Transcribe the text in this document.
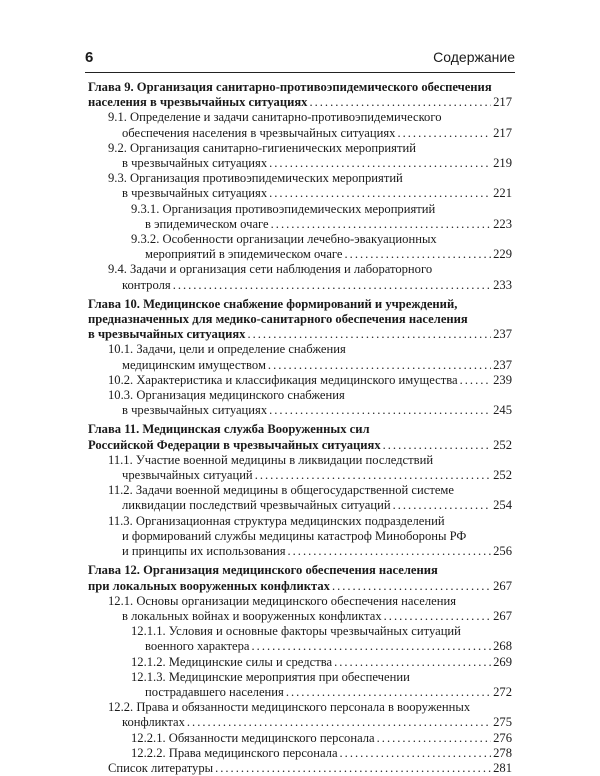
6	Содержание
Глава 9. Организация санитарно-противоэпидемического обеспечения
населения в чрезвычайных ситуациях .....	217
9.1. Определение и задачи санитарно-противоэпидемического
обеспечения населения в чрезвычайных ситуациях .....	217
9.2. Организация санитарно-гигиенических мероприятий
в чрезвычайных ситуациях .....	219
9.3. Организация противоэпидемических мероприятий
в чрезвычайных ситуациях .....	221
9.3.1. Организация противоэпидемических мероприятий
в эпидемическом очаге .....	223
9.3.2. Особенности организации лечебно-эвакуационных
мероприятий в эпидемическом очаге .....	229
9.4. Задачи и организация сети наблюдения и лабораторного
контроля .....	233
Глава 10. Медицинское снабжение формирований и учреждений,
предназначенных для медико-санитарного обеспечения населения
в чрезвычайных ситуациях .....	237
10.1. Задачи, цели и определение снабжения
медицинским имуществом .....	237
10.2. Характеристика и классификация медицинского имущества .....	239
10.3. Организация медицинского снабжения
в чрезвычайных ситуациях .....	245
Глава 11. Медицинская служба Вооруженных сил
Российской Федерации в чрезвычайных ситуациях .....	252
11.1. Участие военной медицины в ликвидации последствий
чрезвычайных ситуаций .....	252
11.2. Задачи военной медицины в общегосударственной системе
ликвидации последствий чрезвычайных ситуаций .....	254
11.3. Организационная структура медицинских подразделений
и формирований службы медицины катастроф Минобороны РФ
и принципы их использования .....	256
Глава 12. Организация медицинского обеспечения населения
при локальных вооруженных конфликтах .....	267
12.1. Основы организации медицинского обеспечения населения
в локальных войнах и вооруженных конфликтах .....	267
12.1.1. Условия и основные факторы чрезвычайных ситуаций
военного характера .....	268
12.1.2. Медицинские силы и средства .....	269
12.1.3. Медицинские мероприятия при обеспечении
пострадавшего населения .....	272
12.2. Права и обязанности медицинского персонала в вооруженных
конфликтах .....	275
12.2.1. Обязанности медицинского персонала .....	276
12.2.2. Права медицинского персонала .....	278
Список литературы .....	281
